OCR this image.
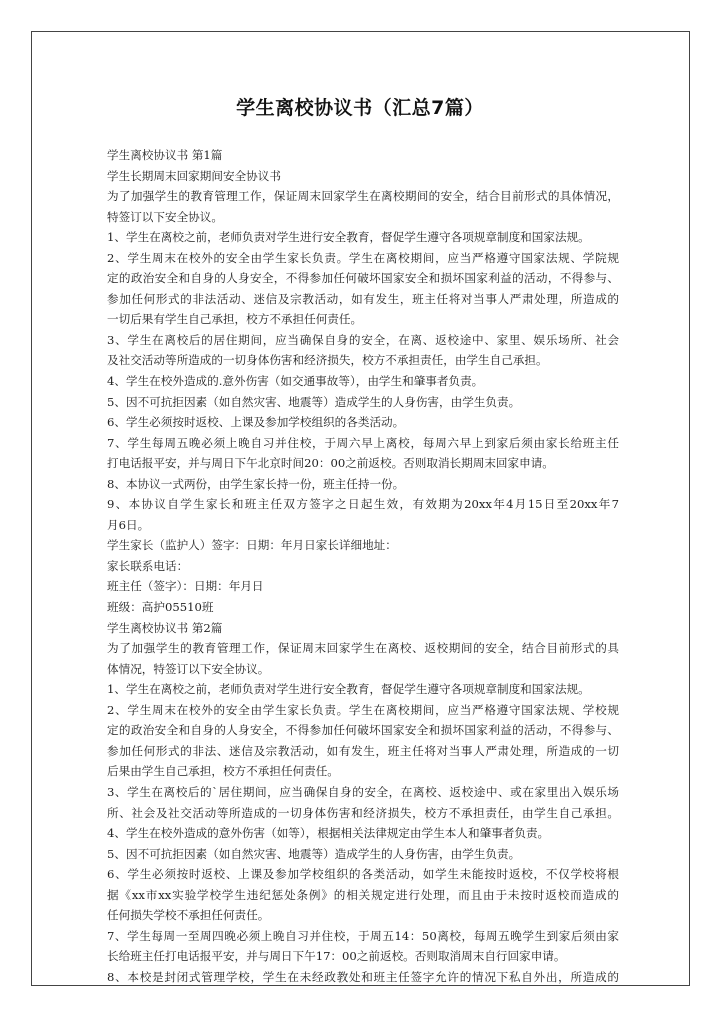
学生离校协议书（汇总7篇）
学生离校协议书 第1篇
学生长期周末回家期间安全协议书
为了加强学生的教育管理工作，保证周末回家学生在离校期间的安全，结合目前形式的具体情况，
特签订以下安全协议。
1、学生在离校之前，老师负责对学生进行安全教育，督促学生遵守各项规章制度和国家法规。
2、学生周末在校外的安全由学生家长负责。学生在离校期间，应当严格遵守国家法规、学院规
定的政治安全和自身的人身安全，不得参加任何破坏国家安全和损坏国家利益的活动，不得参与、
参加任何形式的非法活动、迷信及宗教活动，如有发生，班主任将对当事人严肃处理，所造成的
一切后果有学生自己承担，校方不承担任何责任。
3、学生在离校后的居住期间，应当确保自身的安全，在离、返校途中、家里、娱乐场所、社会
及社交活动等所造成的一切身体伤害和经济损失，校方不承担责任，由学生自己承担。
4、学生在校外造成的.意外伤害（如交通事故等），由学生和肇事者负责。
5、因不可抗拒因素（如自然灾害、地震等）造成学生的人身伤害，由学生负责。
6、学生必须按时返校、上课及参加学校组织的各类活动。
7、学生每周五晚必须上晚自习并住校，于周六早上离校，每周六早上到家后须由家长给班主任
打电话报平安，并与周日下午北京时间20：00之前返校。否则取消长期周末回家申请。
8、本协议一式两份，由学生家长持一份，班主任持一份。
9、本协议自学生家长和班主任双方签字之日起生效，有效期为20xx年4月15日至20xx年7
月6日。
学生家长（监护人）签字：日期：年月日家长详细地址：
家长联系电话：
班主任（签字）：日期：年月日
班级：高护05510班
学生离校协议书 第2篇
为了加强学生的教育管理工作，保证周末回家学生在离校、返校期间的安全，结合目前形式的具
体情况，特签订以下安全协议。
1、学生在离校之前，老师负责对学生进行安全教育，督促学生遵守各项规章制度和国家法规。
2、学生周末在校外的安全由学生家长负责。学生在离校期间，应当严格遵守国家法规、学校规
定的政治安全和自身的人身安全，不得参加任何破坏国家安全和损坏国家利益的活动，不得参与、
参加任何形式的非法、迷信及宗教活动，如有发生，班主任将对当事人严肃处理，所造成的一切
后果由学生自己承担，校方不承担任何责任。
3、学生在离校后的`居住期间，应当确保自身的安全，在离校、返校途中、或在家里出入娱乐场
所、社会及社交活动等所造成的一切身体伤害和经济损失，校方不承担责任，由学生自己承担。
4、学生在校外造成的意外伤害（如等），根据相关法律规定由学生本人和肇事者负责。
5、因不可抗拒因素（如自然灾害、地震等）造成学生的人身伤害，由学生负责。
6、学生必须按时返校、上课及参加学校组织的各类活动，如学生未能按时返校，不仅学校将根
据《xx市xx实验学校学生违纪惩处条例》的相关规定进行处理，而且由于未按时返校而造成的
任何损失学校不承担任何责任。
7、学生每周一至周四晚必须上晚自习并住校，于周五14：50离校，每周五晚学生到家后须由家
长给班主任打电话报平安，并与周日下午17：00之前返校。否则取消周末自行回家申请。
8、本校是封闭式管理学校，学生在未经政教处和班主任签字允许的情况下私自外出，所造成的
